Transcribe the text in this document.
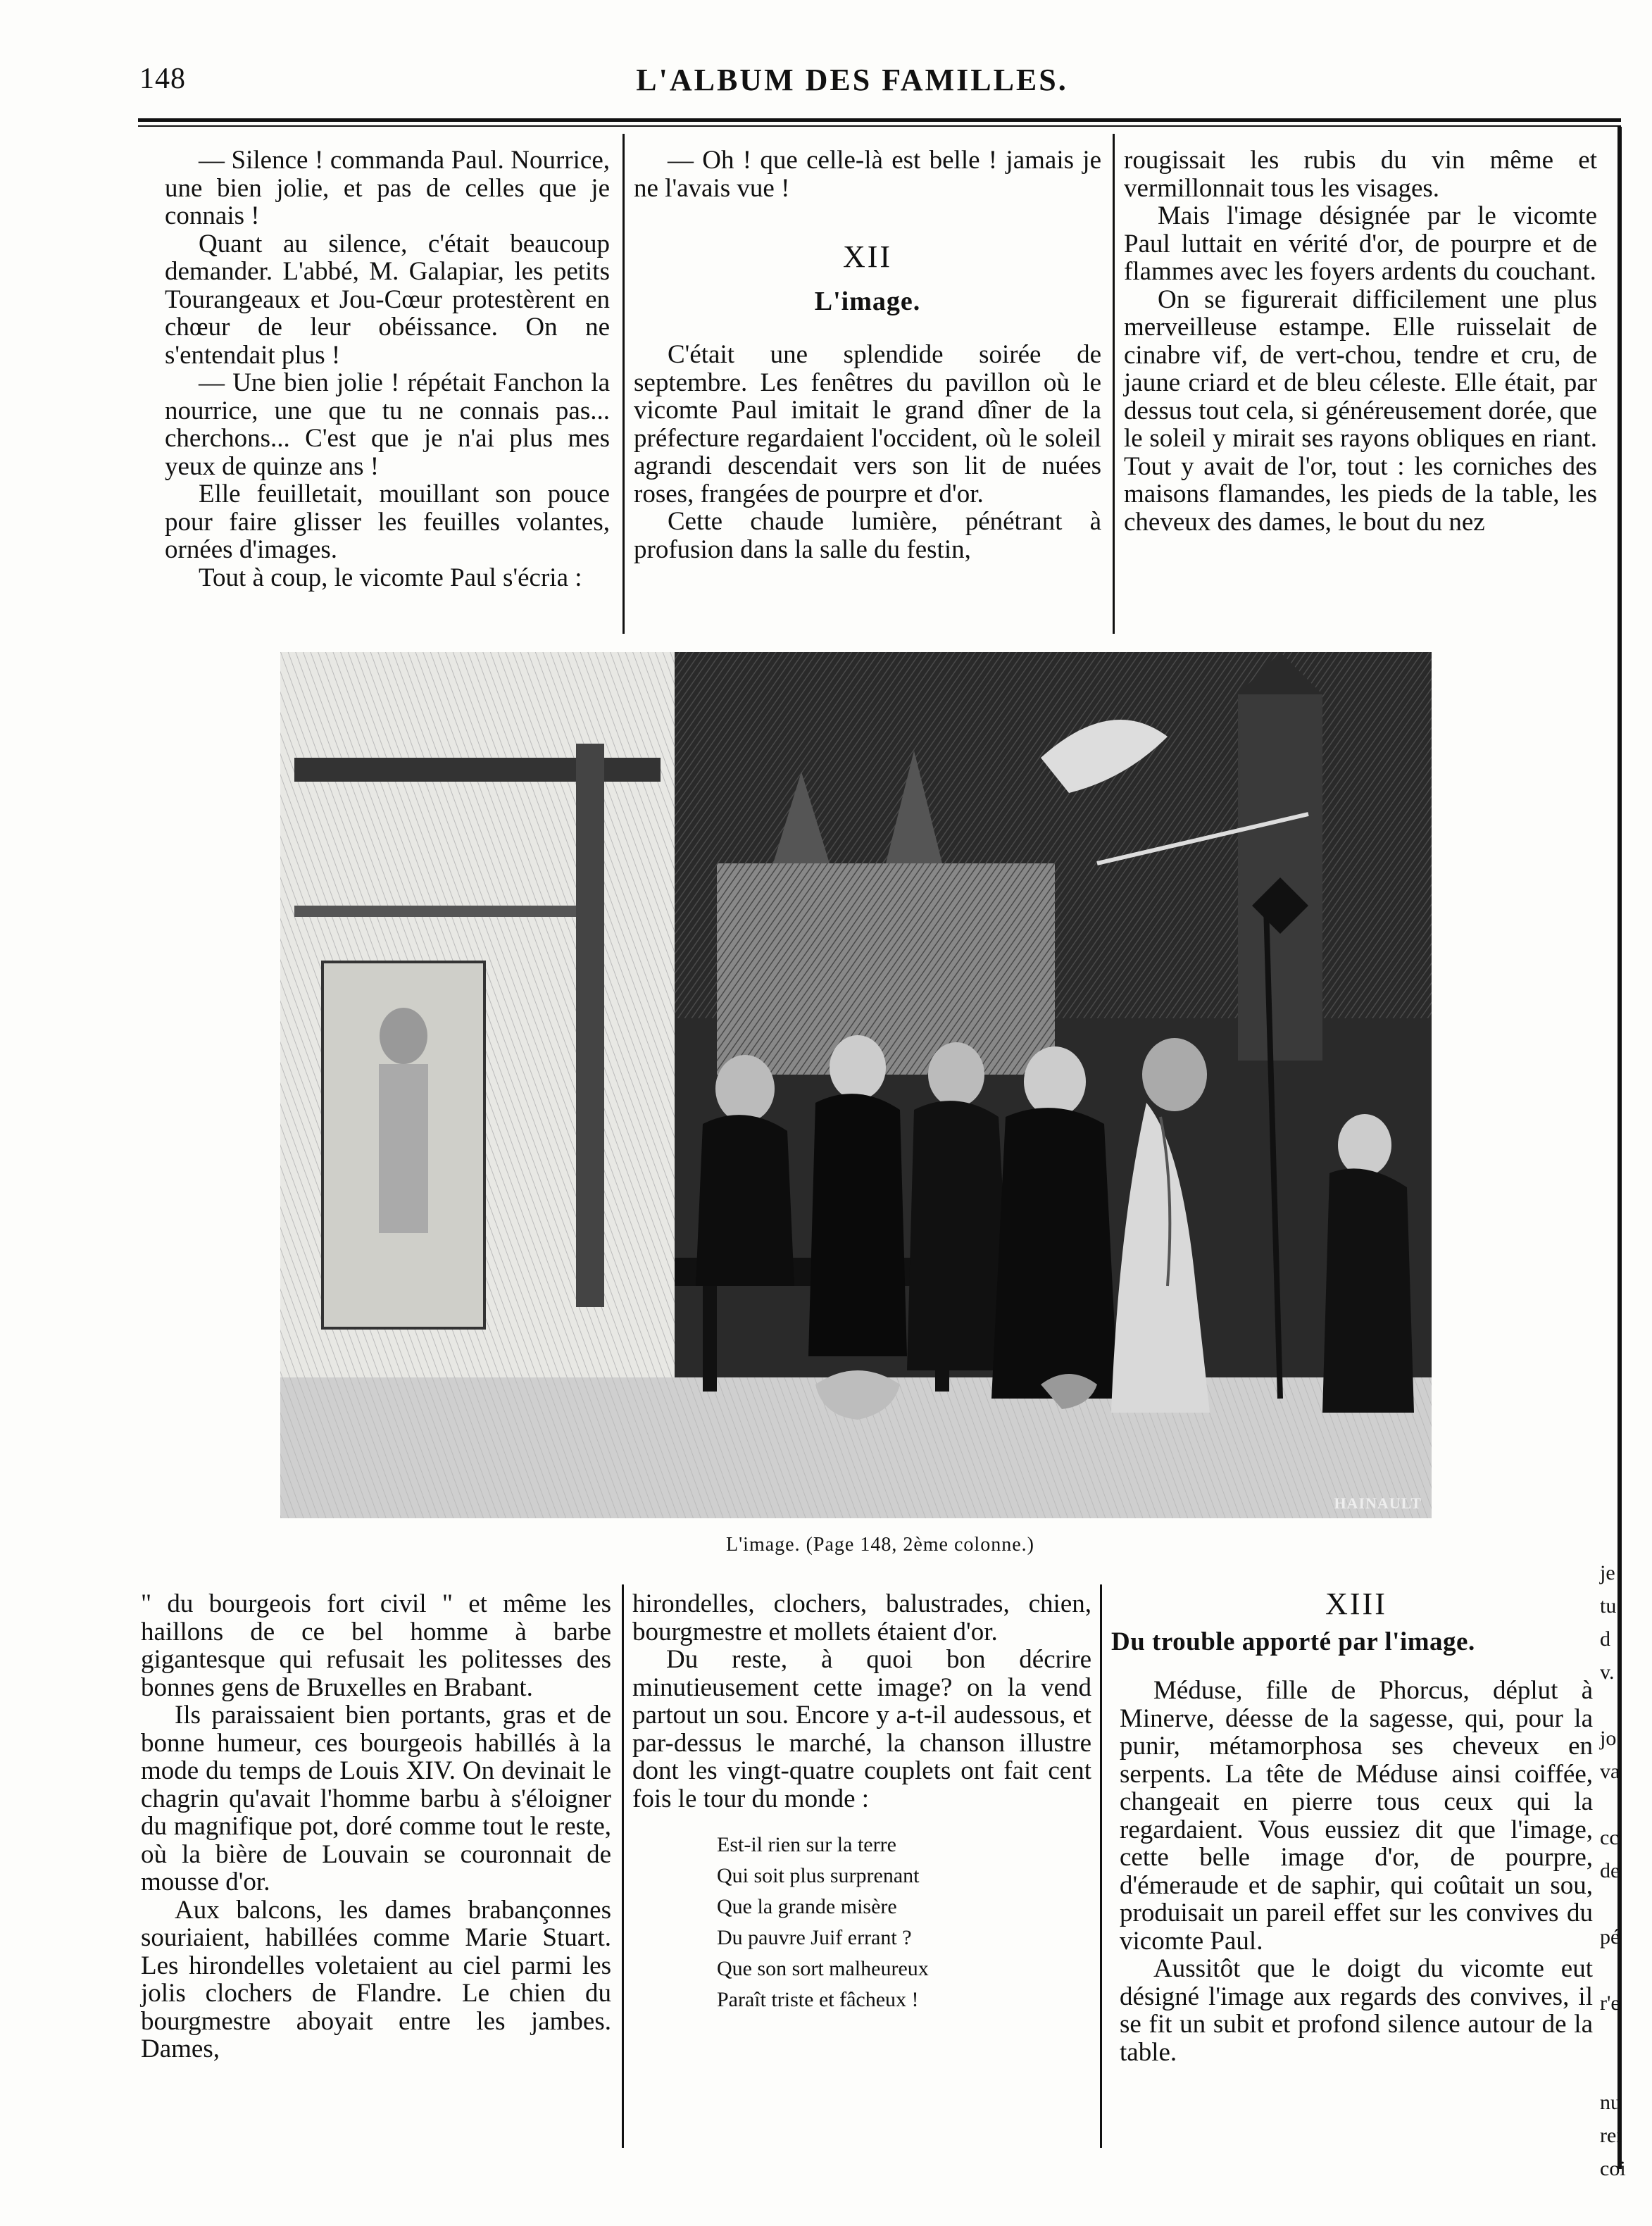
148	L'ALBUM DES FAMILLES.

— Silence ! commanda Paul. Nourrice, une bien jolie, et pas de celles que je connais !

Quant au silence, c'était beaucoup demander. L'abbé, M. Galapiar, les petits Tourangeaux et Jou-Cœur protestèrent en chœur de leur obéissance. On ne s'entendait plus !

— Une bien jolie ! répétait Fanchon la nourrice, une que tu ne connais pas... cherchons... C'est que je n'ai plus mes yeux de quinze ans !

Elle feuilletait, mouillant son pouce pour faire glisser les feuilles volantes, ornées d'images.

Tout à coup, le vicomte Paul s'écria :

— Oh ! que celle-là est belle ! jamais je ne l'avais vue !

XII
L'image.

C'était une splendide soirée de septembre. Les fenêtres du pavillon où le vicomte Paul imitait le grand dîner de la préfecture regardaient l'occident, où le soleil agrandi descendait vers son lit de nuées roses, frangées de pourpre et d'or.

Cette chaude lumière, pénétrant à profusion dans la salle du festin,

rougissait les rubis du vin même et vermillonnait tous les visages.

Mais l'image désignée par le vicomte Paul luttait en vérité d'or, de pourpre et de flammes avec les foyers ardents du couchant.

On se figurerait difficilement une plus merveilleuse estampe. Elle ruisselait de cinabre vif, de vert-chou, tendre et cru, de jaune criard et de bleu céleste. Elle était, par dessus tout cela, si généreusement dorée, que le soleil y mirait ses rayons obliques en riant. Tout y avait de l'or, tout : les corniches des maisons flamandes, les pieds de la table, les cheveux des dames, le bout du nez

HAINAULT
L'image. (Page 148, 2ème colonne.)

" du bourgeois fort civil " et même les haillons de ce bel homme à barbe gigantesque qui refusait les politesses des bonnes gens de Bruxelles en Brabant.

Ils paraissaient bien portants, gras et de bonne humeur, ces bourgeois habillés à la mode du temps de Louis XIV. On devinait le chagrin qu'avait l'homme barbu à s'éloigner du magnifique pot, doré comme tout le reste, où la bière de Louvain se couronnait de mousse d'or.

Aux balcons, les dames brabançonnes souriaient, habillées comme Marie Stuart. Les hirondelles voletaient au ciel parmi les jolis clochers de Flandre. Le chien du bourgmestre aboyait entre les jambes. Dames,

hirondelles, clochers, balustrades, chien, bourgmestre et mollets étaient d'or.

Du reste, à quoi bon décrire minutieusement cette image? on la vend partout un sou. Encore y a-t-il audessous, et par-dessus le marché, la chanson illustre dont les vingt-quatre couplets ont fait cent fois le tour du monde :

Est-il rien sur la terre
Qui soit plus surprenant
Que la grande misère
Du pauvre Juif errant ?
Que son sort malheureux
Paraît triste et fâcheux !
XIII
Du trouble apporté par l'image.

Méduse, fille de Phorcus, déplut à Minerve, déesse de la sagesse, qui, pour la punir, métamorphosa ses cheveux en serpents. La tête de Méduse ainsi coiffée, changeait en pierre tous ceux qui la regardaient. Vous eussiez dit que l'image, cette belle image d'or, de pourpre, d'émeraude et de saphir, qui coûtait un sou, produisait un pareil effet sur les convives du vicomte Paul.

Aussitôt que le doigt du vicomte eut désigné l'image aux regards des convives, il se fit un subit et profond silence autour de la table.

je
tu
d
v.
jo
va
cc
de
pé
r'e
nu
rei
coi
